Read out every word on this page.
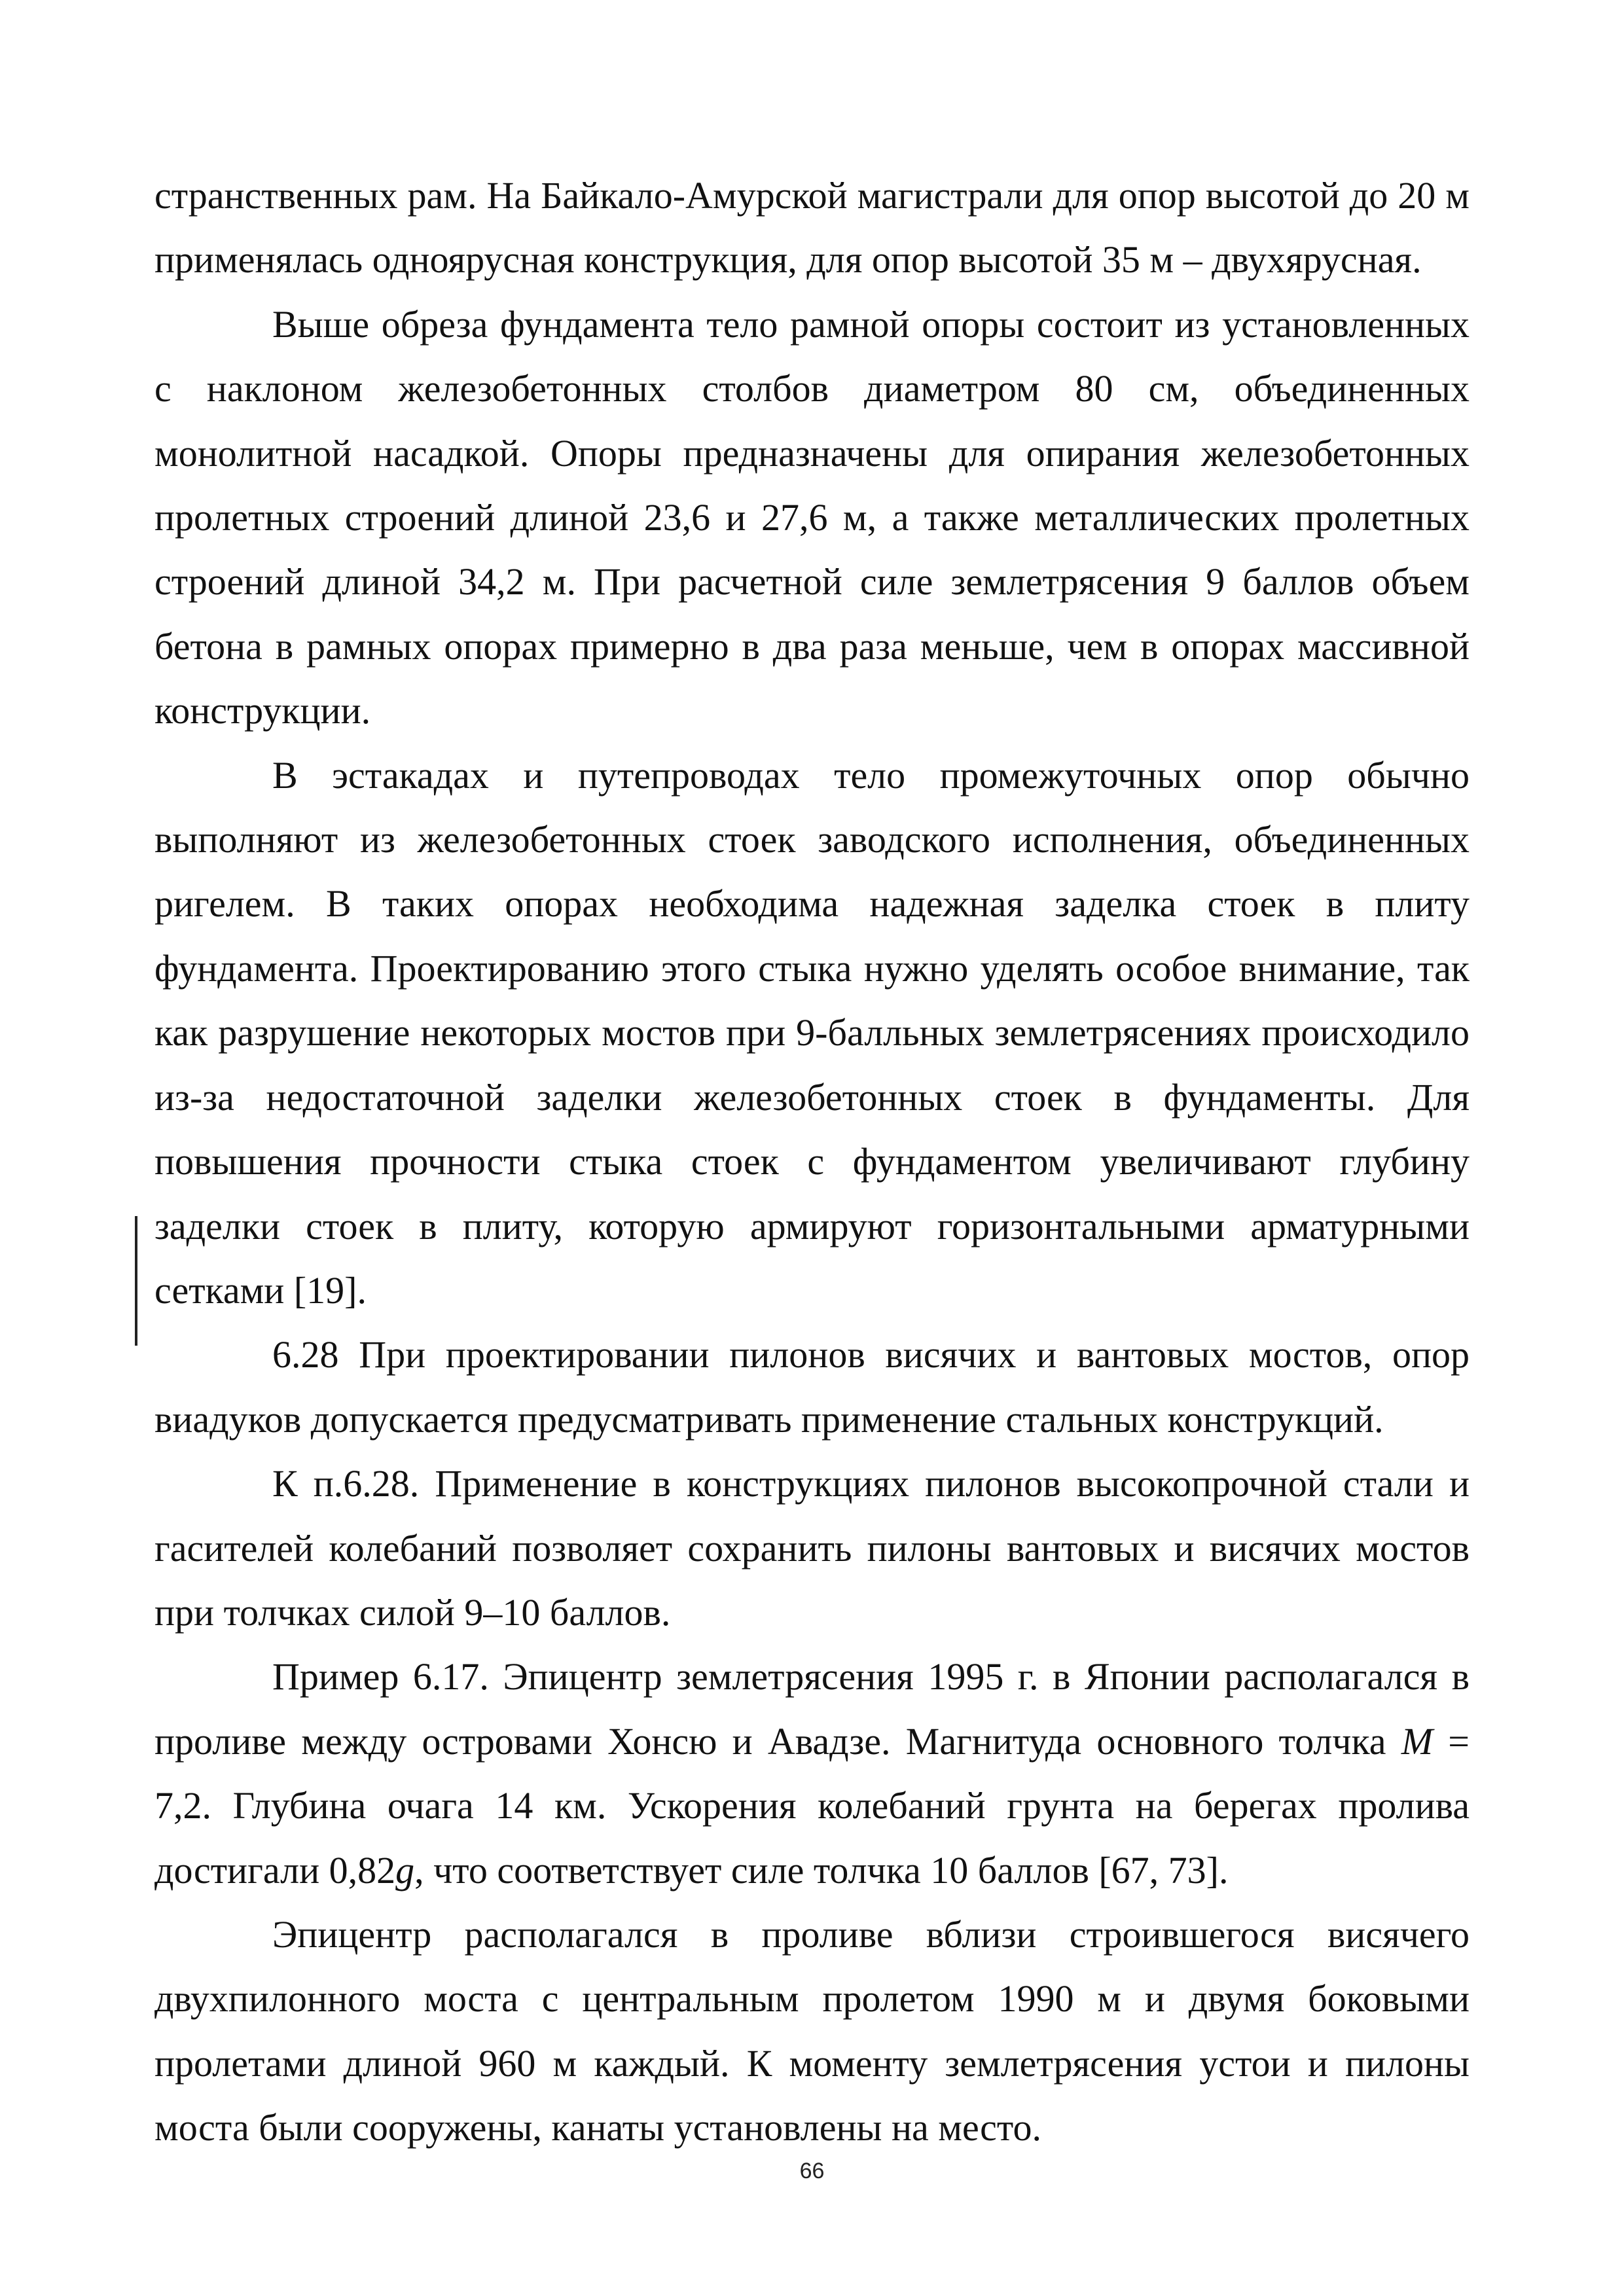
странственных рам. На Байкало-Амурской магистрали для опор высотой до 20 м применялась одноярусная конструкция, для опор высотой 35 м – двухярусная.

Выше обреза фундамента тело рамной опоры состоит из установленных с наклоном железобетонных столбов диаметром 80 см, объединенных монолитной насадкой. Опоры предназначены для опирания железобетонных пролетных строений длиной 23,6 и 27,6 м, а также металлических пролетных строений длиной 34,2 м. При расчетной силе землетрясения 9 баллов объем бетона в рамных опорах примерно в два раза меньше, чем в опорах массивной конструкции.

В эстакадах и путепроводах тело промежуточных опор обычно выполняют из железобетонных стоек заводского исполнения, объединенных ригелем. В таких опорах необходима надежная заделка стоек в плиту фундамента. Проектированию этого стыка нужно уделять особое внимание, так как разрушение некоторых мостов при 9-балльных землетрясениях происходило из-за недостаточной заделки железобетонных стоек в фундаменты. Для повышения прочности стыка стоек с фундаментом увеличивают глубину заделки стоек в плиту, которую армируют горизонтальными арматурными сетками [19].

6.28 При проектировании пилонов висячих и вантовых мостов, опор виадуков допускается предусматривать применение стальных конструкций.

К п.6.28. Применение в конструкциях пилонов высокопрочной стали и гасителей колебаний позволяет сохранить пилоны вантовых и висячих мостов при толчках силой 9–10 баллов.

Пример 6.17. Эпицентр землетрясения 1995 г. в Японии располагался в проливе между островами Хонсю и Авадзе. Магнитуда основного толчка M = 7,2. Глубина очага 14 км. Ускорения колебаний грунта на берегах пролива достигали 0,82g, что соответствует силе толчка 10 баллов [67, 73].

Эпицентр располагался в проливе вблизи строившегося висячего двухпилонного моста с центральным пролетом 1990 м и двумя боковыми пролетами длиной 960 м каждый. К моменту землетрясения устои и пилоны моста были сооружены, канаты установлены на место.

66
